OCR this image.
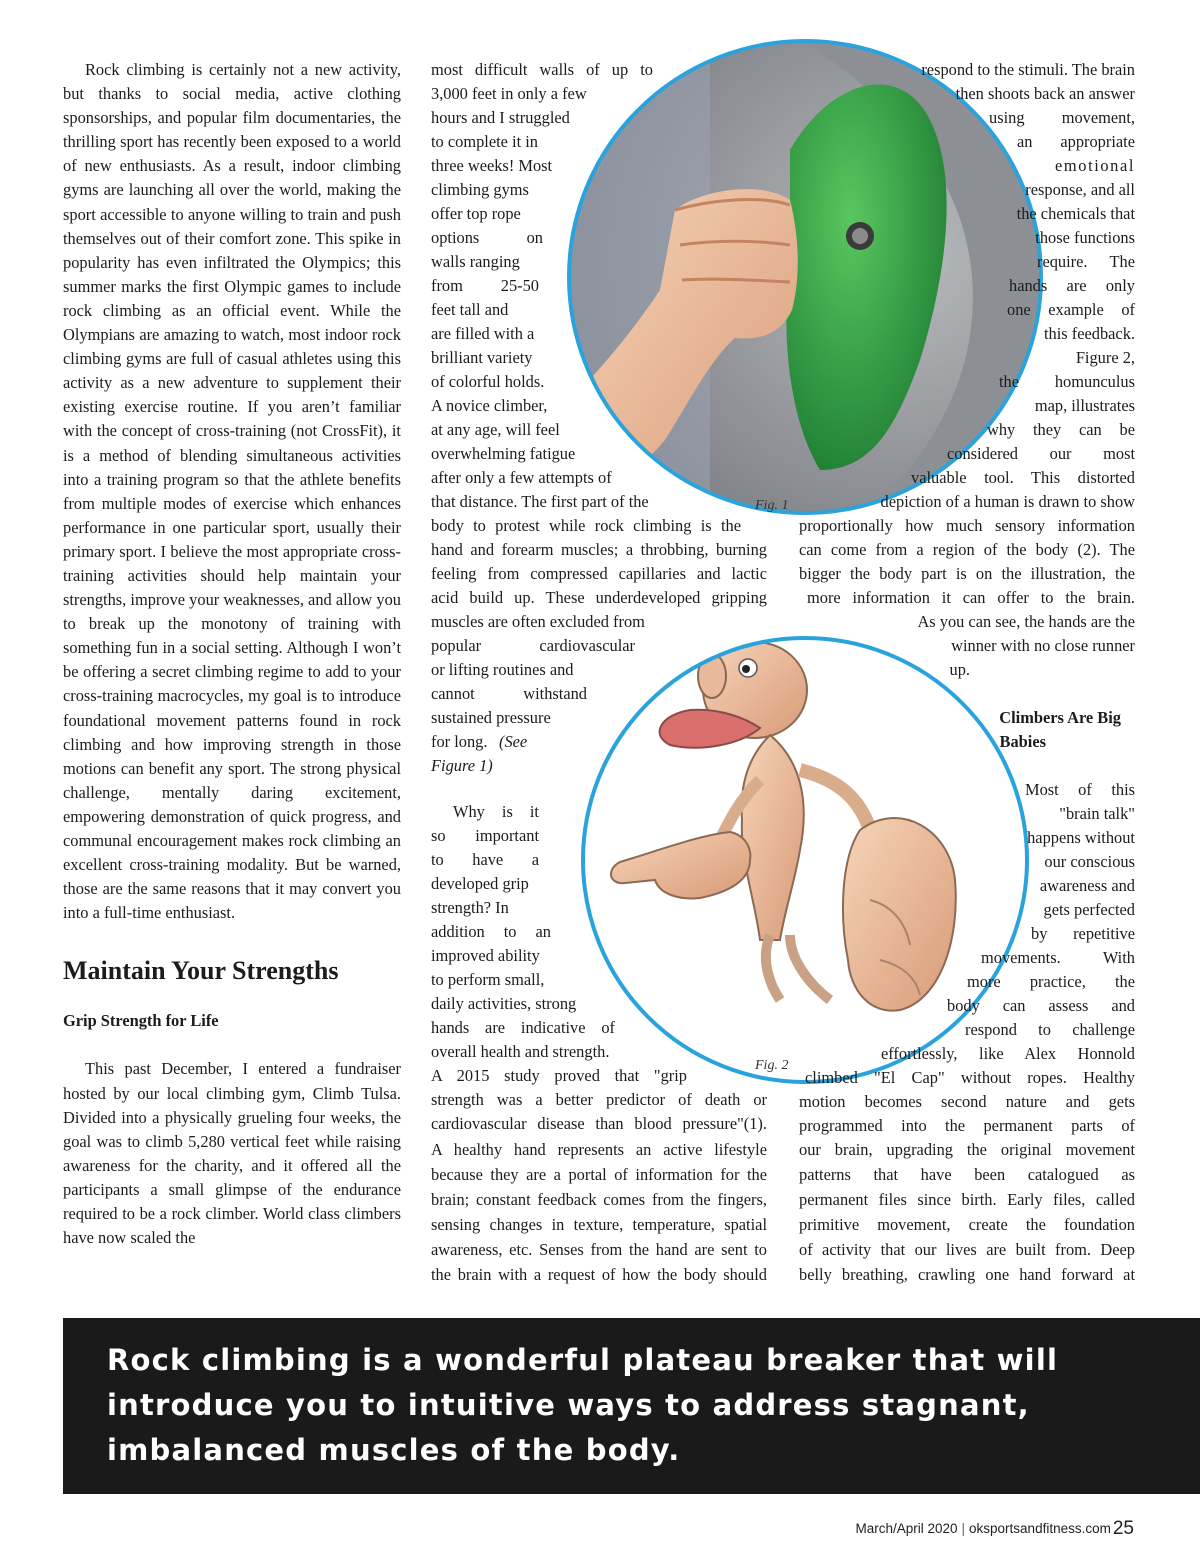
Rock climbing is certainly not a new activity, but thanks to social media, active clothing sponsorships, and popular film documentaries, the thrilling sport has recently been exposed to a world of new enthusiasts. As a result, indoor climbing gyms are launching all over the world, making the sport accessible to anyone willing to train and push themselves out of their comfort zone. This spike in popularity has even infiltrated the Olympics; this summer marks the first Olympic games to include rock climbing as an official event. While the Olympians are amazing to watch, most indoor rock climbing gyms are full of casual athletes using this activity as a new adventure to supplement their existing exercise routine. If you aren’t familiar with the concept of cross-training (not CrossFit), it is a method of blending simultaneous activities into a training program so that the athlete benefits from multiple modes of exercise which enhances performance in one particular sport, usually their primary sport. I believe the most appropriate cross-training activities should help maintain your strengths, improve your weaknesses, and allow you to break up the monotony of training with something fun in a social setting. Although I won’t be offering a secret climbing regime to add to your cross-training macrocycles, my goal is to introduce foundational movement patterns found in rock climbing and how improving strength in those motions can benefit any sport. The strong physical challenge, mentally daring excitement, empowering demonstration of quick progress, and communal encouragement makes rock climbing an excellent cross-training modality. But be warned, those are the same reasons that it may convert you into a full-time enthusiast.

Maintain Your Strengths
Grip Strength for Life

This past December, I entered a fundraiser hosted by our local climbing gym, Climb Tulsa. Divided into a physically grueling four weeks, the goal was to climb 5,280 vertical feet while raising awareness for the charity, and it offered all the participants a small glimpse of the endurance required to be a rock climber. World class climbers have now scaled the

Fig. 1
Fig. 2
most difficult walls of up to
3,000 feet in only a few
hours and I struggled
to complete it in
three weeks! Most
climbing gyms
offer top rope
options on
walls ranging
from 25-50
feet tall and
are filled with a
brilliant variety
of colorful holds.
A novice climber,
at any age, will feel
overwhelming fatigue
after only a few attempts of
that distance. The first part of the
body to protest while rock climbing is the
hand and forearm muscles; a throbbing, burning
feeling from compressed capillaries and lactic
acid build up. These underdeveloped gripping
muscles are often excluded from
popular cardiovascular
or lifting routines and
cannot withstand
sustained pressure
for long. (See
Figure 1)
Why is it
so important
to have a
developed grip
strength? In
addition to an
improved ability
to perform small,
daily activities, strong
hands are indicative of
overall health and strength.
A 2015 study proved that "grip
strength was a better predictor of death or
cardiovascular disease than blood pressure"(1).
A healthy hand represents an active lifestyle
because they are a portal of information for the
brain; constant feedback comes from the fingers,
sensing changes in texture, temperature, spatial
awareness, etc. Senses from the hand are sent to
the brain with a request of how the body should
respond to the stimuli. The brain
then shoots back an answer
using movement,
an appropriate
emotional
response, and all
the chemicals that
those functions
require. The
hands are only
one example of
this feedback.
Figure 2,
the homunculus
map, illustrates
why they can be
considered our most
valuable tool. This distorted
depiction of a human is drawn to show
proportionally how much sensory information
can come from a region of the body (2). The
bigger the body part is on the illustration, the
more information it can offer to the brain.
As you can see, the hands are the
winner with no close runner
up.
Climbers Are Big
Babies
Most of this
"brain talk"
happens without
our conscious
awareness and
gets perfected
by repetitive
movements. With
more practice, the
body can assess and
respond to challenge
effortlessly, like Alex Honnold
climbed "El Cap" without ropes. Healthy
motion becomes second nature and gets
programmed into the permanent parts of
our brain, upgrading the original movement
patterns that have been catalogued as
permanent files since birth. Early files, called
primitive movement, create the foundation
of activity that our lives are built from. Deep
belly breathing, crawling one hand forward at
Rock climbing is a wonderful plateau breaker that will introduce you to intuitive ways to address stagnant, imbalanced muscles of the body.
March/April 2020 | oksportsandfitness.com 25
